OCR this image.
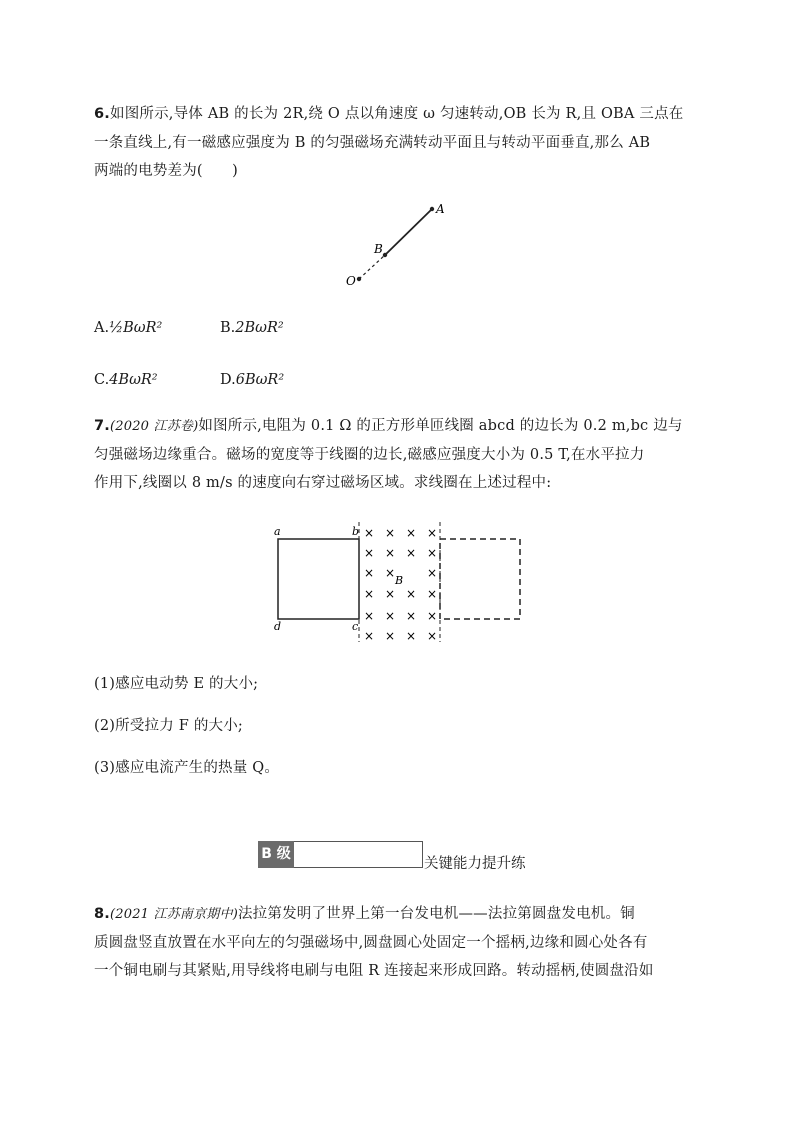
6.如图所示,导体 AB 的长为 2R,绕 O 点以角速度 ω 匀速转动,OB 长为 R,且 OBA 三点在
一条直线上,有一磁感应强度为 B 的匀强磁场充满转动平面且与转动平面垂直,那么 AB
两端的电势差为(　　)
A
B
O
A.½BωR²	B.2BωR²
C.4BωR²	D.6BωR²
7.(2020 江苏卷)如图所示,电阻为 0.1 Ω 的正方形单匝线圈 abcd 的边长为 0.2 m,bc 边与
匀强磁场边缘重合。磁场的宽度等于线圈的边长,磁感应强度大小为 0.5 T,在水平拉力
作用下,线圈以 8 m/s 的速度向右穿过磁场区域。求线圈在上述过程中:
a	b
c
d
× × × ×
× × × ×
× ×	×
× × × ×
× × × ×
× × × ×
B
(1)感应电动势 E 的大小;
(2)所受拉力 F 的大小;
(3)感应电流产生的热量 Q。
B 级
关键能力提升练
8.(2021 江苏南京期中)法拉第发明了世界上第一台发电机——法拉第圆盘发电机。铜
质圆盘竖直放置在水平向左的匀强磁场中,圆盘圆心处固定一个摇柄,边缘和圆心处各有
一个铜电刷与其紧贴,用导线将电刷与电阻 R 连接起来形成回路。转动摇柄,使圆盘沿如
